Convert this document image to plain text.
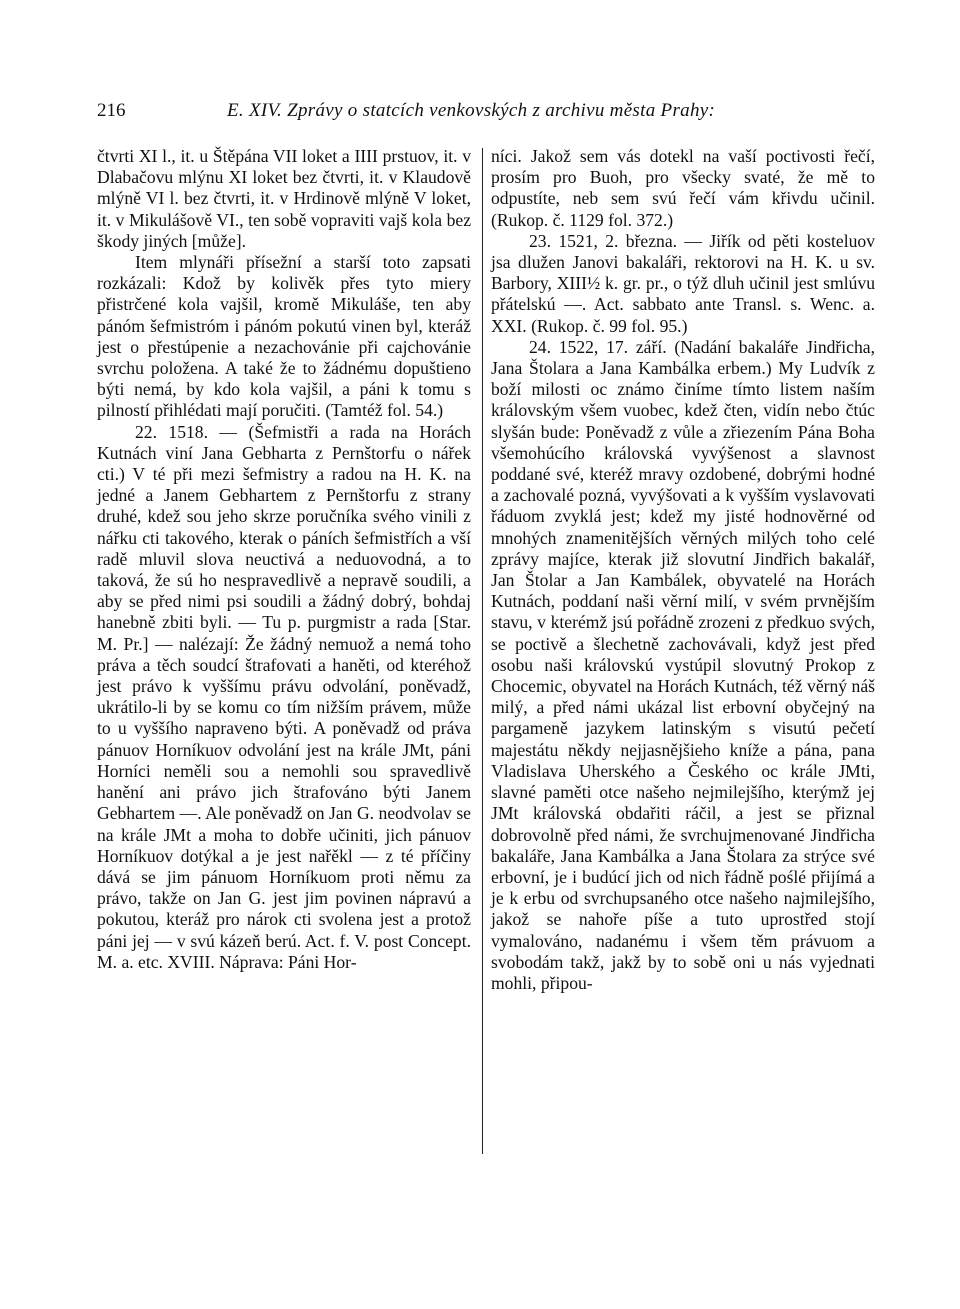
216	E. XIV. Zprávy o statcích venkovských z archivu města Prahy:

čtvrti XI l., it. u Štěpána VII loket a IIII prstuov, it. v Dlabačovu mlýnu XI loket bez čtvrti, it. v Klaudově mlýně VI l. bez čtvrti, it. v Hrdinově mlýně V loket, it. v Mikulášově VI., ten sobě vopraviti vajš kola bez škody jiných [může].

Item mlynáři přísežní a starší toto zapsati rozkázali: Kdož by kolivěk přes tyto miery přistrčené kola vajšil, kromě Mikuláše, ten aby pánóm šefmistróm i pánóm pokutú vinen byl, kteráž jest o přestúpenie a nezachovánie při cajchovánie svrchu položena. A také že to žádnému dopuštieno býti nemá, by kdo kola vajšil, a páni k tomu s pilností přihlédati mají poručiti. (Tamtéž fol. 54.)

22. 1518. — (Šefmistři a rada na Horách Kutnách viní Jana Gebharta z Pernštorfu o nářek cti.) V té při mezi šefmistry a radou na H. K. na jedné a Janem Gebhartem z Pernštorfu z strany druhé, kdež sou jeho skrze poručníka svého vinili z nářku cti takového, kterak o páních šefmistřích a vší radě mluvil slova neuctivá a neduovodná, a to taková, že sú ho nespravedlivě a nepravě soudili, a aby se před nimi psi soudili a žádný dobrý, bohdaj hanebně zbiti byli. — Tu p. purgmistr a rada [Star. M. Pr.] — nalézají: Že žádný nemuož a nemá toho práva a těch soudcí štrafovati a haněti, od kteréhož jest právo k vyššímu právu odvolání, poněvadž, ukrátilo-li by se komu co tím nižším právem, může to u vyššího napraveno býti. A poněvadž od práva pánuov Horníkuov odvolání jest na krále JMt, páni Horníci neměli sou a nemohli sou spravedlivě hanění ani právo jich štrafováno býti Janem Gebhartem —. Ale poněvadž on Jan G. neodvolav se na krále JMt a moha to dobře učiniti, jich pánuov Horníkuov dotýkal a je jest nařěkl — z té příčiny dává se jim pánuom Horníkuom proti němu za právo, takže on Jan G. jest jim povinen nápravú a pokutou, kteráž pro nárok cti svolena jest a protož páni jej — v svú kázeň berú. Act. f. V. post Concept. M. a. etc. XVIII. Náprava: Páni Hor-

níci. Jakož sem vás dotekl na vaší poctivosti řečí, prosím pro Buoh, pro všecky svaté, že mě to odpustíte, neb sem svú řečí vám křivdu učinil. (Rukop. č. 1129 fol. 372.)

23. 1521, 2. března. — Jiřík od pěti kosteluov jsa dlužen Janovi bakaláři, rektorovi na H. K. u sv. Barbory, XIII½ k. gr. pr., o týž dluh učinil jest smlúvu přátelskú —. Act. sabbato ante Transl. s. Wenc. a. XXI. (Rukop. č. 99 fol. 95.)

24. 1522, 17. září. (Nadání bakaláře Jindřicha, Jana Štolara a Jana Kambálka erbem.) My Ludvík z boží milosti oc známo činíme tímto listem naším královským všem vuobec, kdež čten, vidín nebo čtúc slyšán bude: Poněvadž z vůle a zřiezením Pána Boha všemohúcího královská vyvýšenost a slavnost poddané své, kteréž mravy ozdobené, dobrými hodné a zachovalé pozná, vyvýšovati a k vyšším vyslavovati řáduom zvyklá jest; kdež my jisté hodnověrné od mnohých znamenitějších věrných milých toho celé zprávy majíce, kterak již slovutní Jindřich bakalář, Jan Štolar a Jan Kambálek, obyvatelé na Horách Kutnách, poddaní naši věrní milí, v svém prvnějším stavu, v kterémž jsú pořádně zrozeni z předkuo svých, se poctivě a šlechetně zachovávali, když jest před osobu naši královskú vystúpil slovutný Prokop z Chocemic, obyvatel na Horách Kutnách, též věrný náš milý, a před námi ukázal list erbovní obyčejný na pargameně jazykem latinským s visutú pečetí majestátu někdy nejjasnějšieho kníže a pána, pana Vladislava Uherského a Českého oc krále JMti, slavné paměti otce našeho nejmilejšího, kterýmž jej JMt královská obdařiti ráčil, a jest se přiznal dobrovolně před námi, že svrchujmenované Jindřicha bakaláře, Jana Kambálka a Jana Štolara za strýce své erbovní, je i budúcí jich od nich řádně poślé přijímá a je k erbu od svrchupsaného otce našeho najmilejšího, jakož se nahoře píše a tuto uprostřed stojí vymalováno, nadanému i všem těm právuom a svobodám takž, jakž by to sobě oni u nás vyjednati mohli, připou-
